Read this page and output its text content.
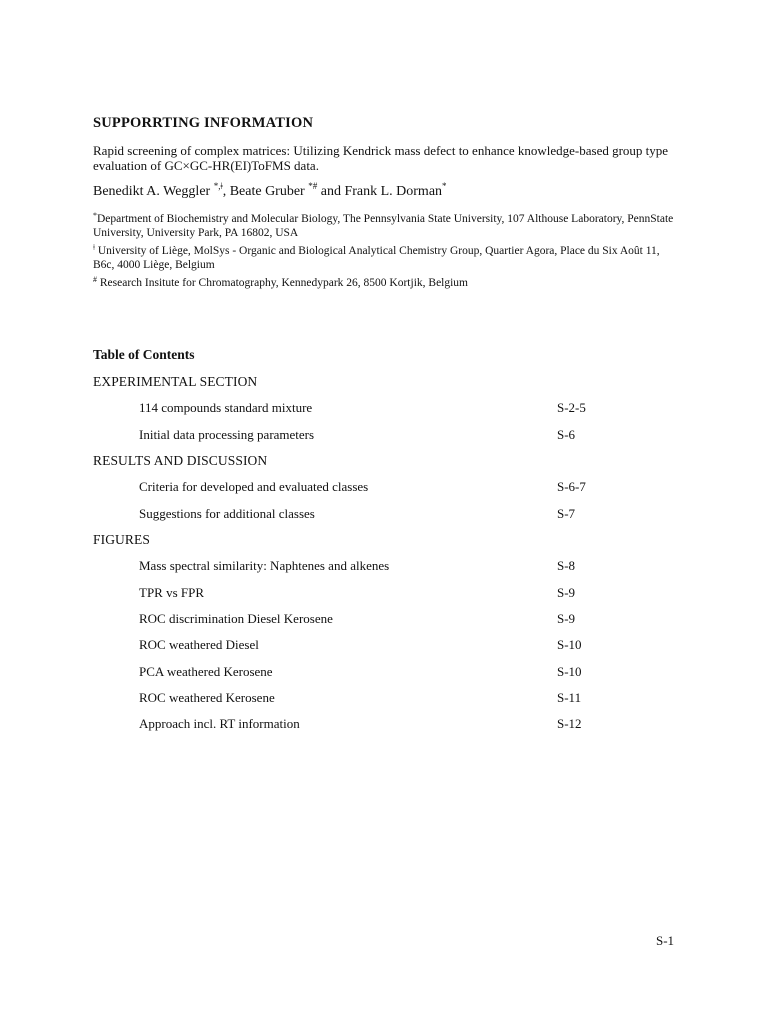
SUPPORRTING INFORMATION
Rapid screening of complex matrices: Utilizing Kendrick mass defect to enhance knowledge-based group type evaluation of GC×GC-HR(EI)ToFMS data.
Benedikt A. Weggler $^{*,ǂ}$, Beate Gruber *# and Frank L. Dorman*
*Department of Biochemistry and Molecular Biology, The Pennsylvania State University, 107 Althouse Laboratory, PennState University, University Park, PA 16802, USA
$^ǂ$ University of Liège, MolSys - Organic and Biological Analytical Chemistry Group, Quartier Agora, Place du Six Août 11, B6c, 4000 Liège, Belgium
# Research Insitute for Chromatography, Kennedypark 26, 8500 Kortjik, Belgium
Table of Contents
EXPERIMENTAL SECTION
114 compounds standard mixture	S-2-5
Initial data processing parameters	S-6
RESULTS AND DISCUSSION
Criteria for developed and evaluated classes	S-6-7
Suggestions for additional classes	S-7
FIGURES
Mass spectral similarity: Naphtenes and alkenes	S-8
TPR vs FPR	S-9
ROC discrimination Diesel Kerosene	S-9
ROC weathered Diesel	S-10
PCA weathered Kerosene	S-10
ROC weathered Kerosene	S-11
Approach incl. RT information	S-12
S-1
